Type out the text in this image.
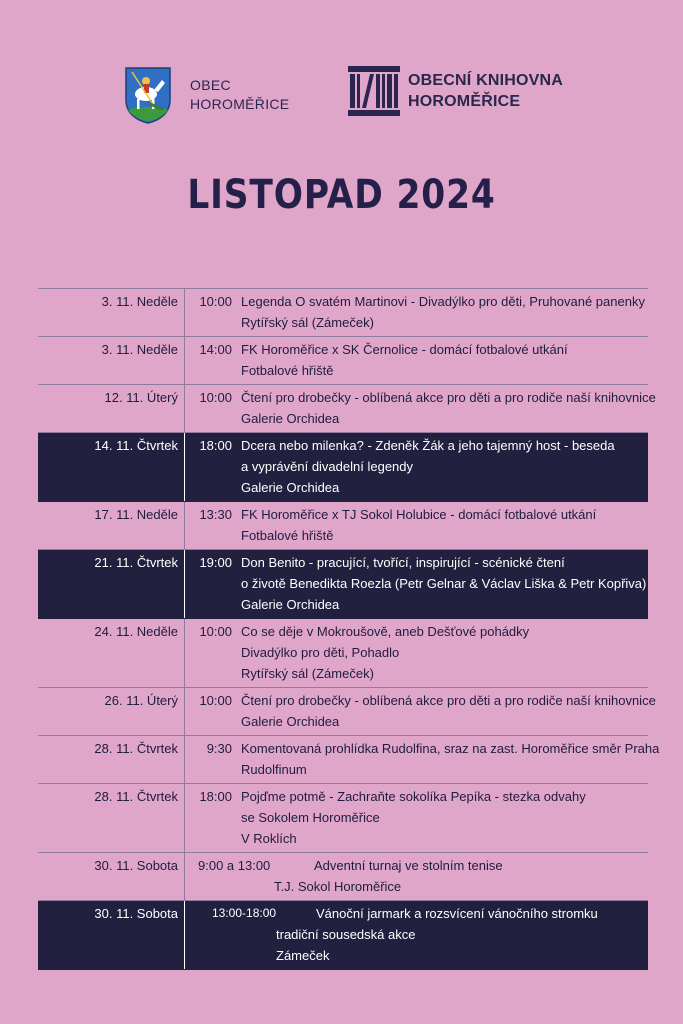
OBEC
HOROMĚŘICE
OBECNÍ KNIHOVNA
HOROMĚŘICE
LISTOPAD 2024
3. 11. Neděle	10:00 Legenda O svatém Martinovi - Divadýlko pro děti, Pruhované panenky
Rytířský sál (Zámeček)
3. 11. Neděle	14:00 FK Horoměřice x SK Černolice - domácí fotbalové utkání
Fotbalové hřiště
12. 11. Úterý	10:00 Čtení pro drobečky - oblíbená akce pro děti a pro rodiče naší knihovnice
Galerie Orchidea
14. 11. Čtvrtek	18:00 Dcera nebo milenka? - Zdeněk Žák a jeho tajemný host - beseda
a vyprávění divadelní legendy
Galerie Orchidea
17. 11. Neděle	13:30 FK Horoměřice x TJ Sokol Holubice - domácí fotbalové utkání
Fotbalové hřiště
21. 11. Čtvrtek	19:00 Don Benito - pracující, tvořící, inspirující - scénické čtení
o životě Benedikta Roezla (Petr Gelnar & Václav Liška & Petr Kopřiva)
Galerie Orchidea
24. 11. Neděle	10:00 Co se děje v Mokroušově, aneb Dešťové pohádky
Divadýlko pro děti, Pohadlo
Rytířský sál (Zámeček)
26. 11. Úterý	10:00 Čtení pro drobečky - oblíbená akce pro děti a pro rodiče naší knihovnice
Galerie Orchidea
28. 11. Čtvrtek	9:30 Komentovaná prohlídka Rudolfina, sraz na zast. Horoměřice směr Praha
Rudolfinum
28. 11. Čtvrtek	18:00 Pojďme potmě - Zachraňte sokolíka Pepíka - stezka odvahy
se Sokolem Horoměřice
V Roklích
30. 11. Sobota 9:00 a 13:00	Adventní turnaj ve stolním tenise
T.J. Sokol Horoměřice
30. 11. Sobota	13:00-18:00	Vánoční jarmark a rozsvícení vánočního stromku
tradiční sousedská akce
Zámeček
